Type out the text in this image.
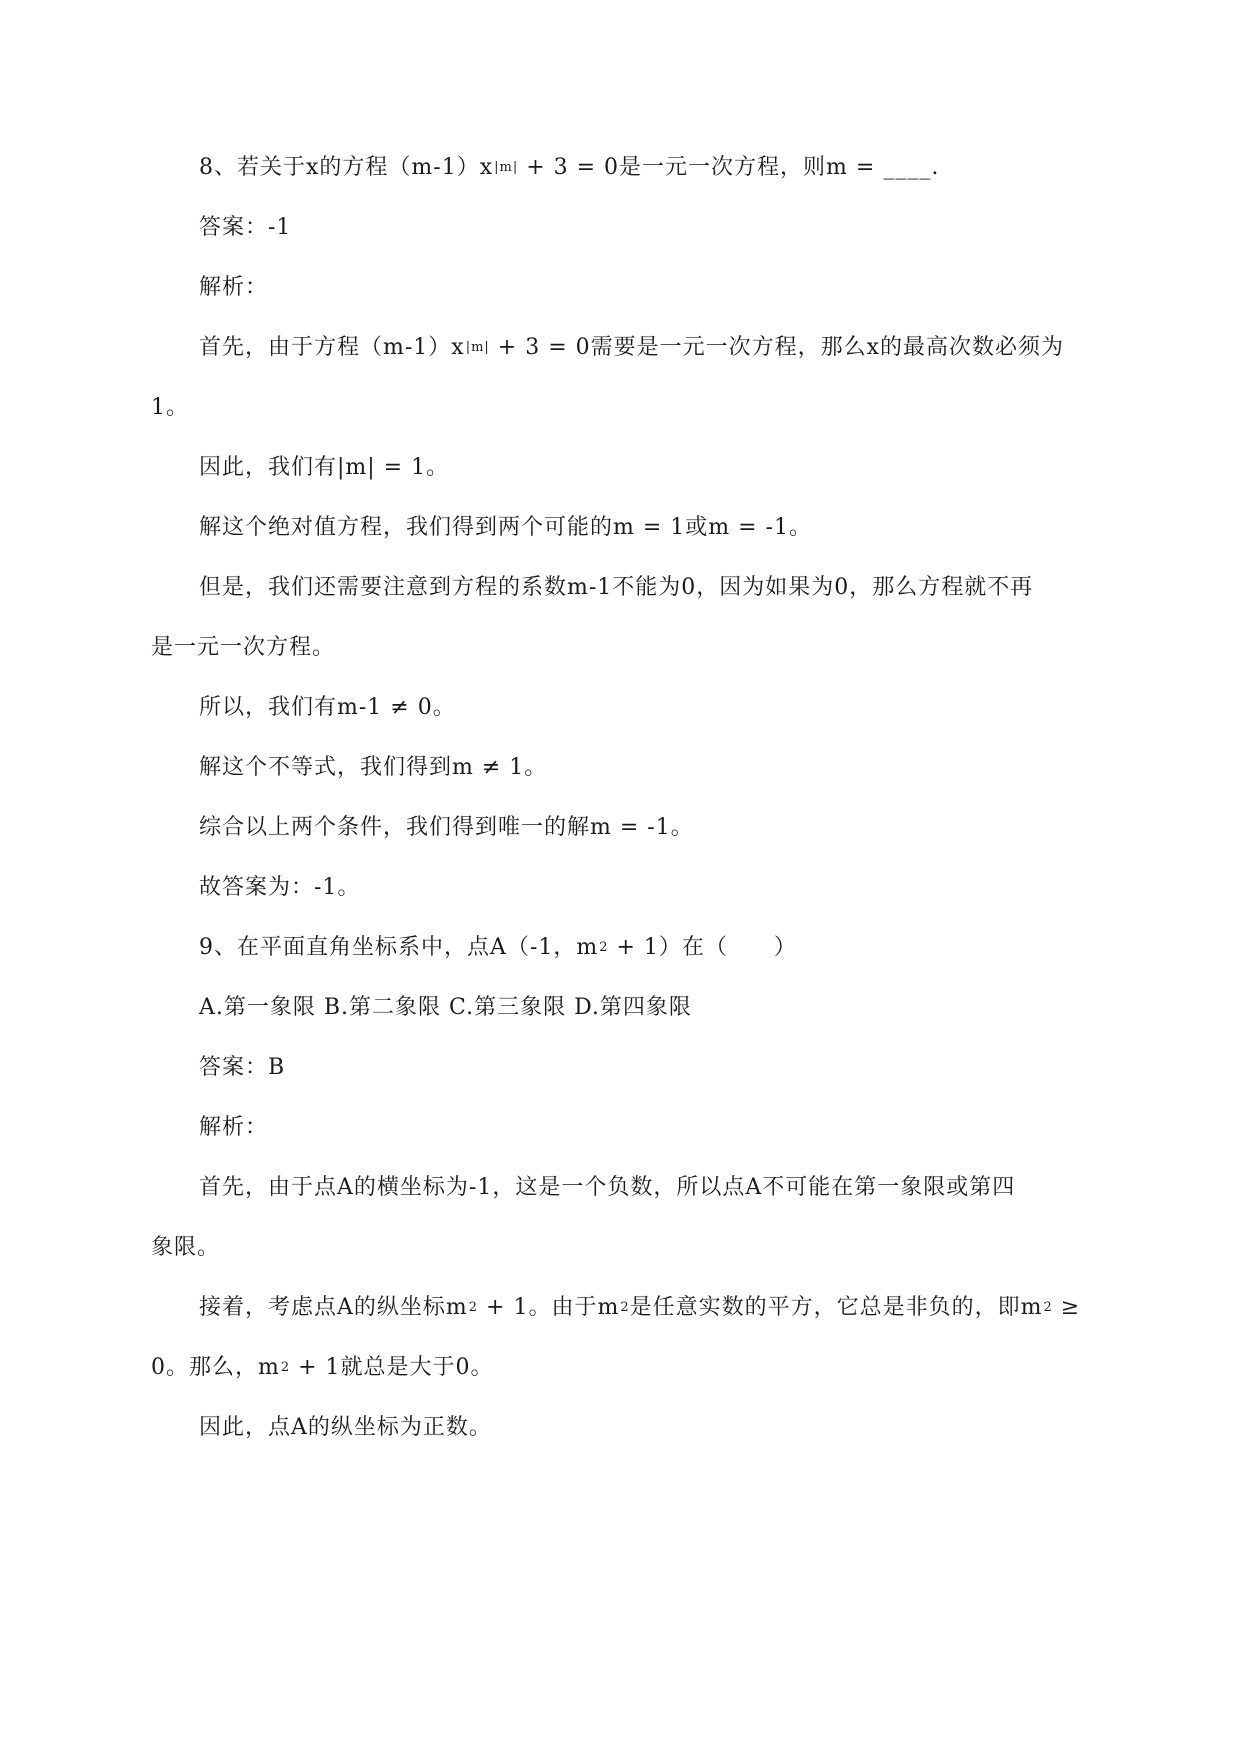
8、若关于x的方程$(m-1)x^{|m|} + 3 = 0$是一元一次方程，则m = ____.

答案：-1

解析：

首先，由于方程$(m-1)x^{|m|} + 3 = 0$需要是一元一次方程，那么x的最高次数必须为

1。

因此，我们有|m| = 1。

解这个绝对值方程，我们得到两个可能的m = 1或m = -1。

但是，我们还需要注意到方程的系数m-1不能为0，因为如果为0，那么方程就不再

是一元一次方程。

所以，我们有m-1 ≠ 0。

解这个不等式，我们得到m ≠ 1。

综合以上两个条件，我们得到唯一的解m = -1。

故答案为：-1。

9、在平面直角坐标系中，点A（-1，$m^2 + 1$）在（　　）

A.第一象限 B.第二象限 C.第三象限 D.第四象限

答案：B

解析：

首先，由于点A的横坐标为-1，这是一个负数，所以点A不可能在第一象限或第四

象限。

接着，考虑点A的纵坐标$m^2 + 1$。由于$m^2$是任意实数的平方，它总是非负的，即$m^2$ ≥

0。那么，$m^2 + 1$就总是大于0。

因此，点A的纵坐标为正数。
